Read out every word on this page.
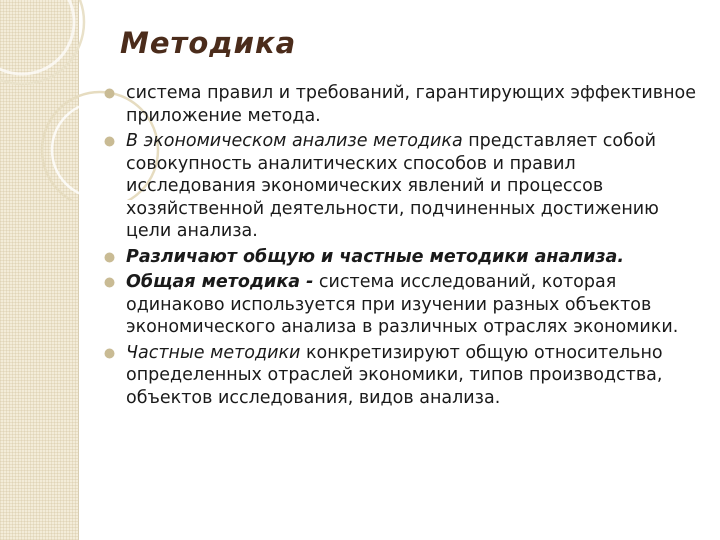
Методика
система правил и требований, гарантирующих эффективное приложение метода.
В экономическом анализе методика представляет собой совокупность аналитических способов и правил исследования экономических явлений и процессов хозяйственной деятельности, подчиненных достижению цели анализа.
Различают общую и частные методики анализа.
Общая методика - система исследований, которая одинаково используется при изучении разных объектов экономического анализа в различных отраслях экономики.
Частные методики конкретизируют общую относительно определенных отраслей экономики, типов производства, объектов исследования, видов анализа.
